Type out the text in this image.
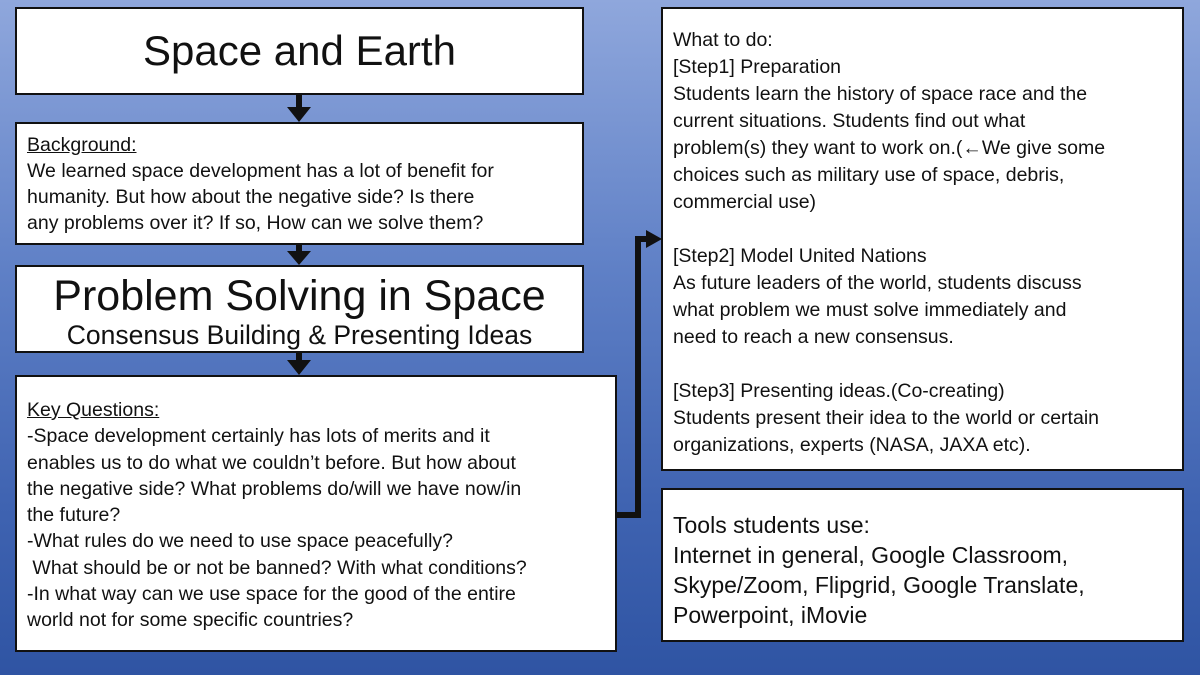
Space and Earth
Background:
We learned space development has a lot of benefit for
humanity. But how about the negative side? Is there
any problems over it? If so, How can we solve them?
Problem Solving in Space
Consensus Building & Presenting Ideas
Key Questions:
-Space development certainly has lots of merits and it
enables us to do what we couldn’t before. But how about
the negative side? What problems do/will we have now/in
the future?
-What rules do we need to use space peacefully?
What should be or not be banned? With what conditions?
-In what way can we use space for the good of the entire
world not for some specific countries?
What to do:
[Step1] Preparation
Students learn the history of space race and the
current situations. Students find out what
problem(s) they want to work on.(←We give some
choices such as military use of space, debris,
commercial use)
[Step2] Model United Nations
As future leaders of the world, students discuss
what problem we must solve immediately and
need to reach a new consensus.
[Step3] Presenting ideas.(Co-creating)
Students present their idea to the world or certain
organizations, experts (NASA, JAXA etc).
Tools students use:
Internet in general, Google Classroom,
Skype/Zoom, Flipgrid, Google Translate,
Powerpoint, iMovie
